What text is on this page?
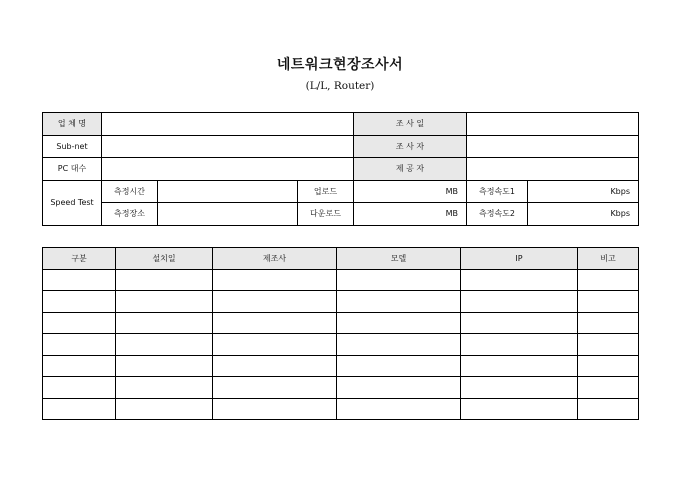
네트워크현장조사서
(L/L, Router)
업 체 명				조 사 일		
Sub-net				조 사 자		
PC 대수				제 공 자		
Speed Test	측정시간		업로드	MB	측정속도1	Kbps
	측정장소		다운로드	MB	측정속도2	Kbps
구분	설치일	제조사	모델	IP	비고
